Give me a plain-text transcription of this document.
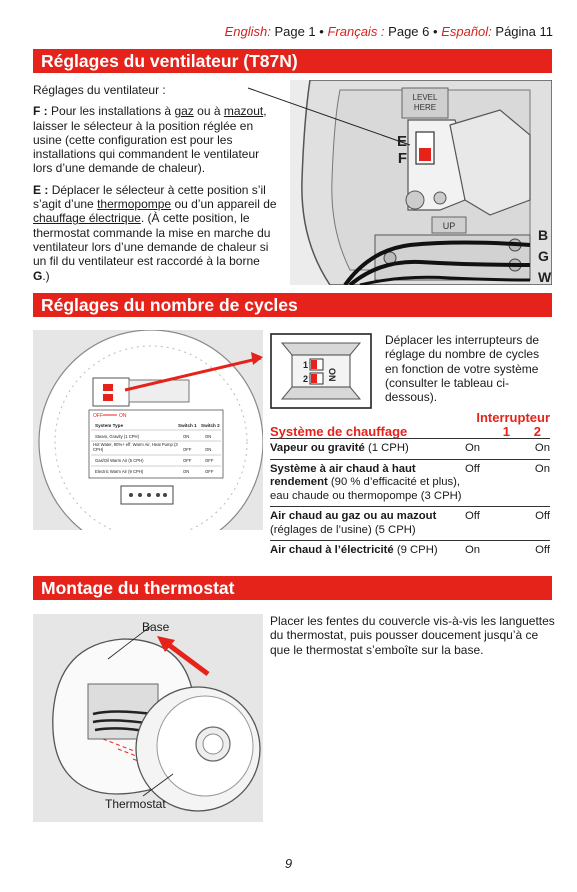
English: Page 1 • Français : Page 6 • Español: Página 11
Réglages du ventilateur (T87N)

Réglages du ventilateur :

F : Pour les installations à gaz ou à mazout, laisser le sélecteur à la position réglée en usine (cette configuration est pour les installations qui commandent le ventilateur lors d’une demande de chaleur).

E : Déplacer le sélecteur à cette position s’il s’agit d’une thermopompe ou d’un appareil de chauffage électrique. (À cette position, le thermostat commande la mise en marche du ventilateur lors d’une demande de chaleur si un fil du ventilateur est raccordé à la borne G.)

LEVEL
HERE
E
F
UP
B
G
W
Réglages du nombre de cycles
OFF	ON
System Type	Switch 1 Switch 2
Steam, Gravity (1 CPH)	ON	ON
Hot Water, 90%+ eff. Warm Air, Heat Pump (3 CPH)	OFF	ON
Gas/Oil Warm Air (5 CPH)	OFF	OFF
Electric Warm Air (9 CPH)	ON	OFF
1
2 ON
Déplacer les interrupteurs de réglage du nombre de cycles en fonction de votre système (consulter le tableau ci-dessous).
	Interrupteur	
Système de chauffage	1	2
Vapeur ou gravité (1 CPH)	On	On
Système à air chaud à haut rendement (90 % d’efficacité et plus), eau chaude ou thermopompe (3 CPH)	Off	On
Air chaud au gaz ou au mazout (réglages de l’usine) (5 CPH)	Off	Off
Air chaud à l’électricité (9 CPH)	On	Off
Montage du thermostat
Base
Thermostat
Placer les fentes du couvercle vis-à-vis les languettes du thermostat, puis pousser doucement jusqu’à ce que le thermostat s’emboîte sur la base.
9
